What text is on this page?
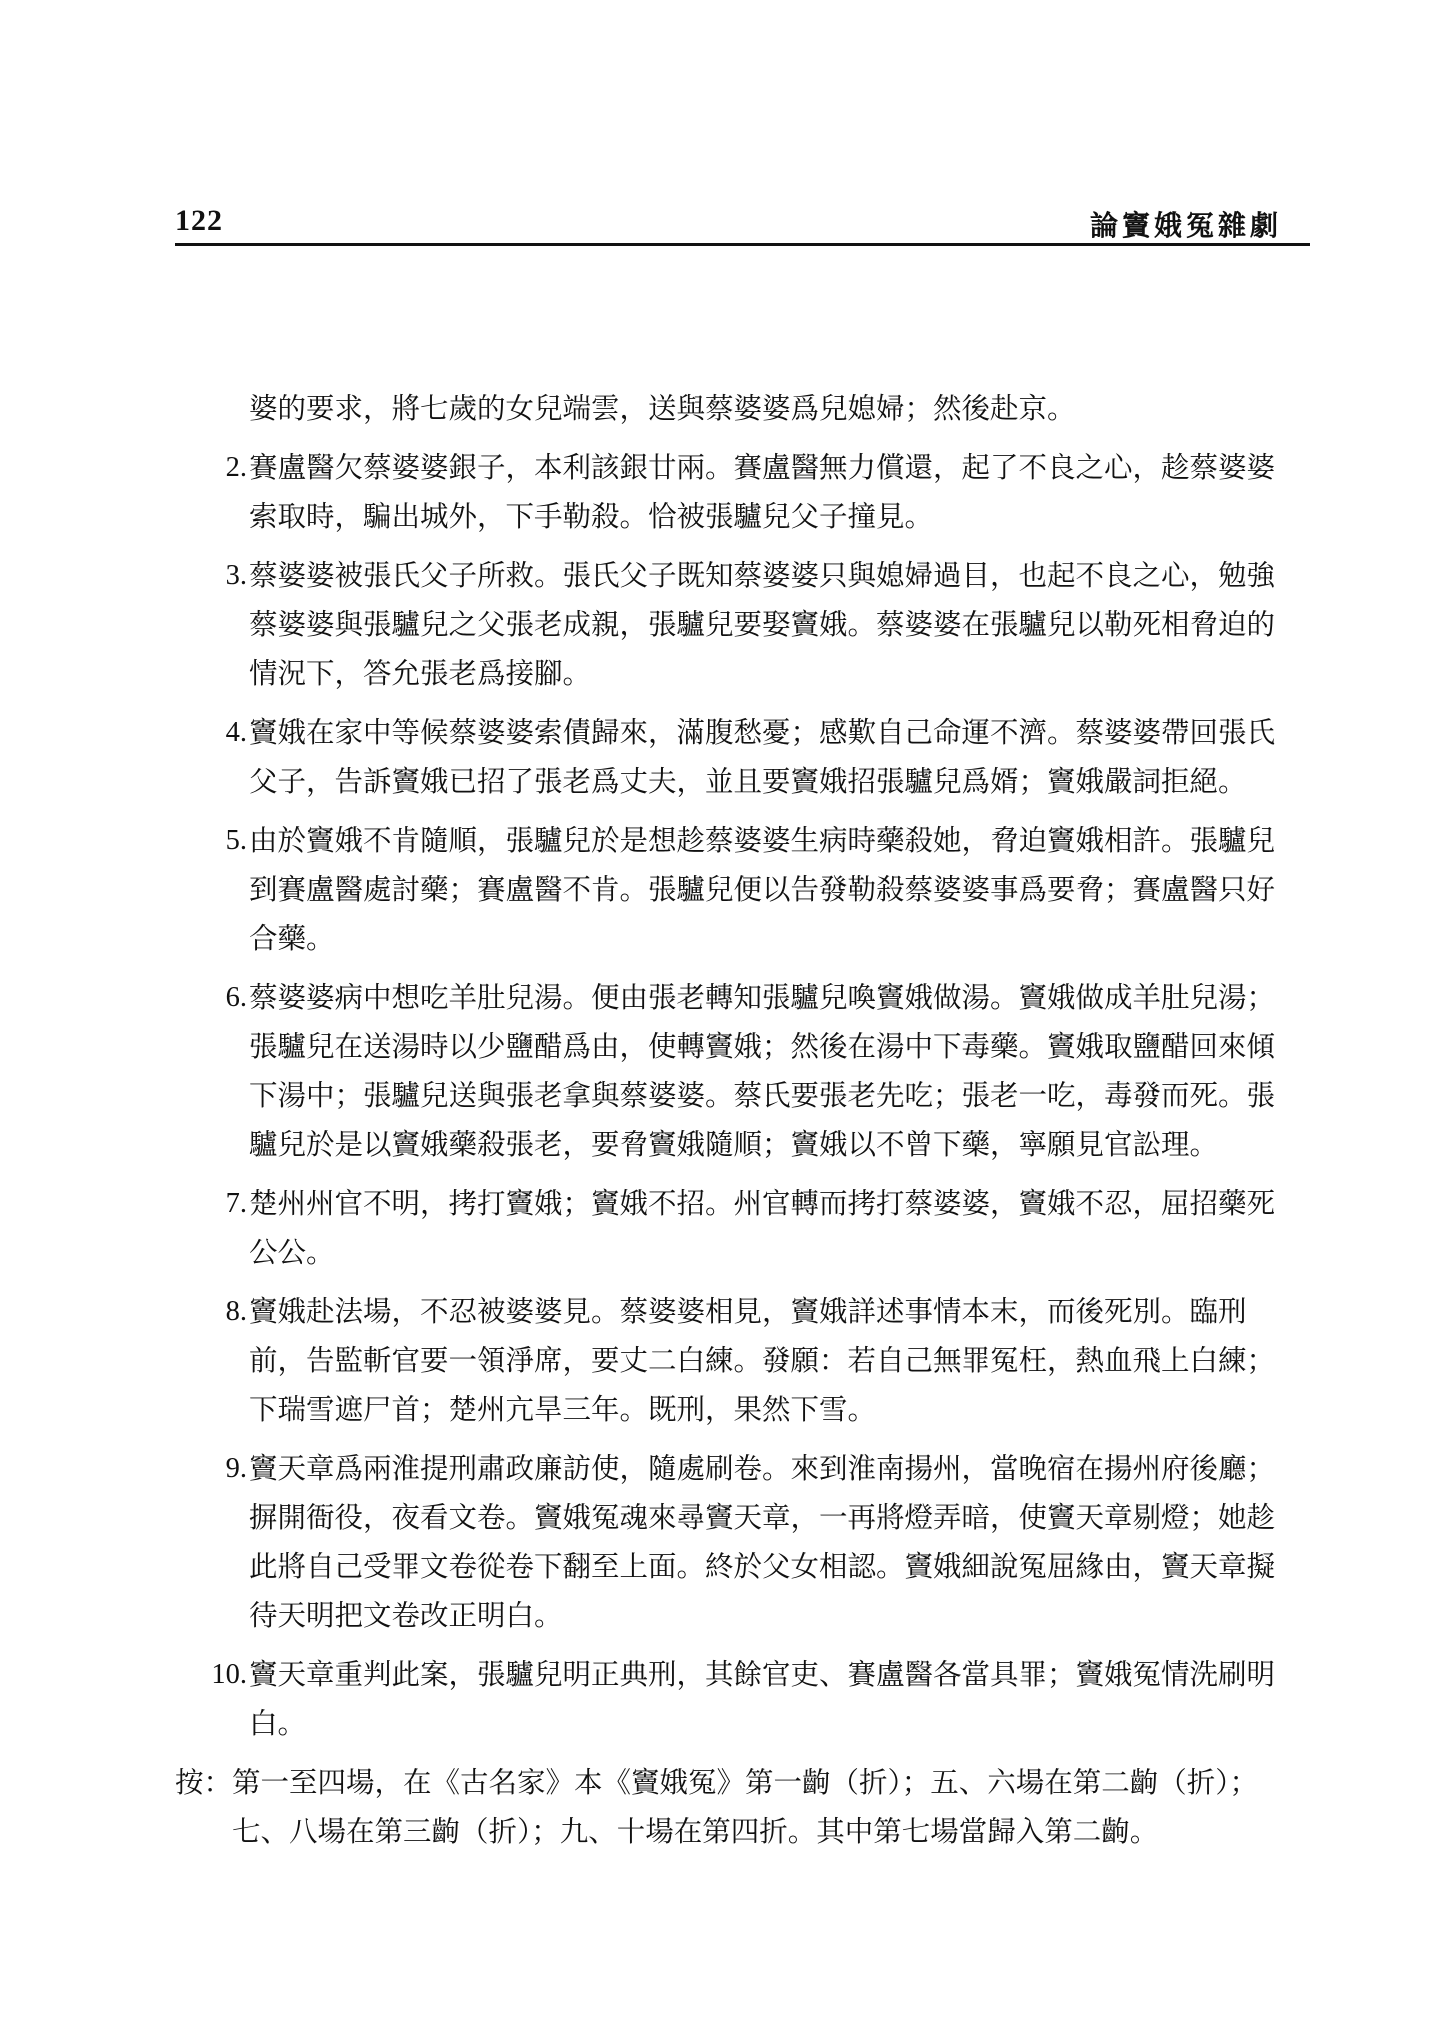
122	論竇娥冤雜劇
婆的要求，將七歲的女兒端雲，送與蔡婆婆爲兒媳婦；然後赴京。
2. 賽盧醫欠蔡婆婆銀子，本利該銀廿兩。賽盧醫無力償還，起了不良之心，趁蔡婆婆索取時，騙出城外，下手勒殺。恰被張驢兒父子撞見。
3. 蔡婆婆被張氏父子所救。張氏父子既知蔡婆婆只與媳婦過目，也起不良之心，勉強蔡婆婆與張驢兒之父張老成親，張驢兒要娶竇娥。蔡婆婆在張驢兒以勒死相脅迫的情況下，答允張老爲接腳。
4. 竇娥在家中等候蔡婆婆索債歸來，滿腹愁憂；感歎自己命運不濟。蔡婆婆帶回張氏父子，告訴竇娥已招了張老爲丈夫，並且要竇娥招張驢兒爲婿；竇娥嚴詞拒絕。
5. 由於竇娥不肯隨順，張驢兒於是想趁蔡婆婆生病時藥殺她，脅迫竇娥相許。張驢兒到賽盧醫處討藥；賽盧醫不肯。張驢兒便以告發勒殺蔡婆婆事爲要脅；賽盧醫只好合藥。
6. 蔡婆婆病中想吃羊肚兒湯。便由張老轉知張驢兒喚竇娥做湯。竇娥做成羊肚兒湯；張驢兒在送湯時以少鹽醋爲由，使轉竇娥；然後在湯中下毒藥。竇娥取鹽醋回來傾下湯中；張驢兒送與張老拿與蔡婆婆。蔡氏要張老先吃；張老一吃，毒發而死。張驢兒於是以竇娥藥殺張老，要脅竇娥隨順；竇娥以不曾下藥，寧願見官訟理。
7. 楚州州官不明，拷打竇娥；竇娥不招。州官轉而拷打蔡婆婆，竇娥不忍，屈招藥死公公。
8. 竇娥赴法場，不忍被婆婆見。蔡婆婆相見，竇娥詳述事情本末，而後死別。臨刑前，告監斬官要一領淨席，要丈二白練。發願：若自己無罪冤枉，熱血飛上白練；下瑞雪遮尸首；楚州亢旱三年。既刑，果然下雪。
9. 竇天章爲兩淮提刑肅政廉訪使，隨處刷卷。來到淮南揚州，當晚宿在揚州府後廳；摒開衙役，夜看文卷。竇娥冤魂來尋竇天章，一再將燈弄暗，使竇天章剔燈；她趁此將自己受罪文卷從卷下翻至上面。終於父女相認。竇娥細說冤屈緣由，竇天章擬待天明把文卷改正明白。
10. 竇天章重判此案，張驢兒明正典刑，其餘官吏、賽盧醫各當具罪；竇娥冤情洗刷明白。
按： 第一至四場，在《古名家》本《竇娥冤》第一齣（折）；五、六場在第二齣（折）；七、八場在第三齣（折）；九、十場在第四折。其中第七場當歸入第二齣。
